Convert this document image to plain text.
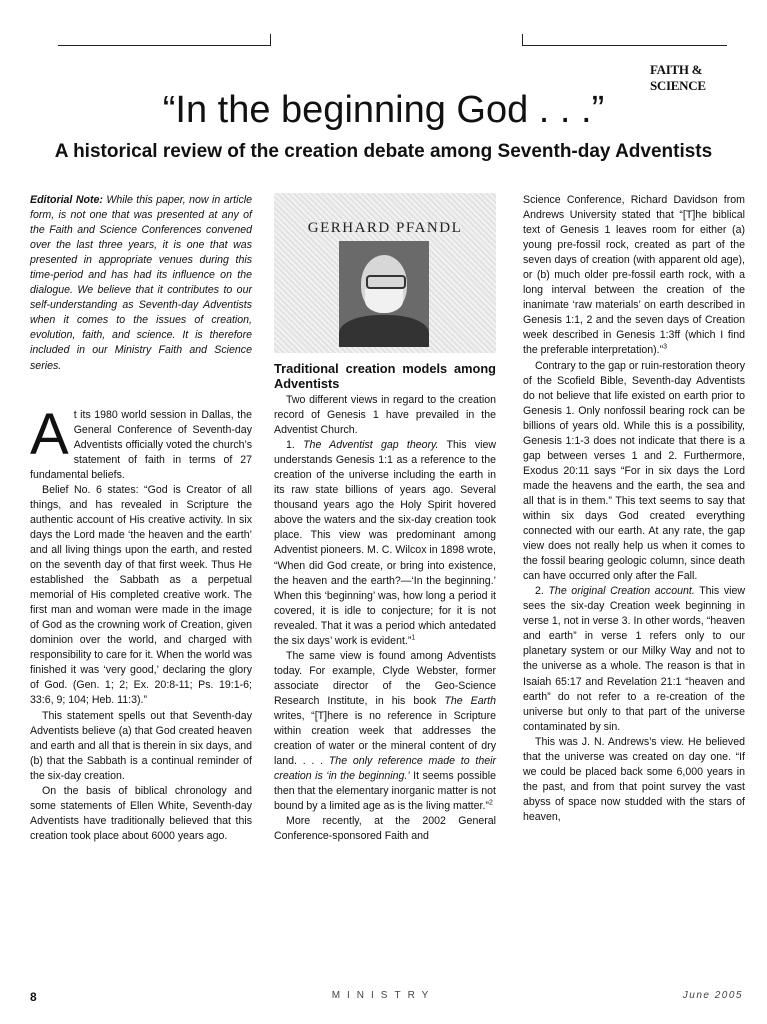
FAITH & SCIENCE
“In the beginning God . . .”
A historical review of the creation debate among Seventh-day Adventists

Editorial Note: While this paper, now in article form, is not one that was presented at any of the Faith and Science Conferences convened over the last three years, it is one that was presented in appropriate venues during this time-period and has had its influence on the dialogue. We believe that it contributes to our self-understanding as Seventh-day Adventists when it comes to the issues of creation, evolution, faith, and science. It is therefore included in our Ministry Faith and Science series.

At its 1980 world session in Dallas, the General Conference of Seventh-day Adventists officially voted the church’s statement of faith in terms of 27 fundamental beliefs.

Belief No. 6 states: “God is Creator of all things, and has revealed in Scripture the authentic account of His creative activity. In six days the Lord made ‘the heaven and the earth’ and all living things upon the earth, and rested on the seventh day of that first week. Thus He established the Sabbath as a perpetual memorial of His completed creative work. The first man and woman were made in the image of God as the crowning work of Creation, given dominion over the world, and charged with responsibility to care for it. When the world was finished it was ‘very good,’ declaring the glory of God. (Gen. 1; 2; Ex. 20:8-11; Ps. 19:1-6; 33:6, 9; 104; Heb. 11:3).”

This statement spells out that Seventh-day Adventists believe (a) that God created heaven and earth and all that is therein in six days, and (b) that the Sabbath is a continual reminder of the six-day creation.

On the basis of biblical chronology and some statements of Ellen White, Seventh-day Adventists have traditionally believed that this creation took place about 6000 years ago.

GERHARD PFANDL
Traditional creation models among Adventists

Two different views in regard to the creation record of Genesis 1 have prevailed in the Adventist Church.

1. The Adventist gap theory. This view understands Genesis 1:1 as a reference to the creation of the universe including the earth in its raw state billions of years ago. Several thousand years ago the Holy Spirit hovered above the waters and the six-day creation took place. This view was predominant among Adventist pioneers. M. C. Wilcox in 1898 wrote, “When did God create, or bring into existence, the heaven and the earth?—‘In the beginning.’ When this ‘beginning’ was, how long a period it covered, it is idle to conjecture; for it is not revealed. That it was a period which antedated the six days’ work is evident.”$^1$

The same view is found among Adventists today. For example, Clyde Webster, former associate director of the Geo-Science Research Institute, in his book The Earth writes, “[T]here is no reference in Scripture within creation week that addresses the creation of water or the mineral content of dry land. . . . The only reference made to their creation is ‘in the beginning.’ It seems possible then that the elementary inorganic matter is not bound by a limited age as is the living matter.”$^2$

More recently, at the 2002 General Conference-sponsored Faith and

Science Conference, Richard Davidson from Andrews University stated that “[T]he biblical text of Genesis 1 leaves room for either (a) young pre-fossil rock, created as part of the seven days of creation (with apparent old age), or (b) much older pre-fossil earth rock, with a long interval between the creation of the inanimate ‘raw materials’ on earth described in Genesis 1:1, 2 and the seven days of Creation week described in Genesis 1:3ff (which I find the preferable interpretation).”$^3$

Contrary to the gap or ruin-restoration theory of the Scofield Bible, Seventh-day Adventists do not believe that life existed on earth prior to Genesis 1. Only nonfossil bearing rock can be billions of years old. While this is a possibility, Genesis 1:1-3 does not indicate that there is a gap between verses 1 and 2. Furthermore, Exodus 20:11 says “For in six days the Lord made the heavens and the earth, the sea and all that is in them.” This text seems to say that within six days God created everything connected with our earth. At any rate, the gap view does not really help us when it comes to the fossil bearing geologic column, since death can have occurred only after the Fall.

2. The original Creation account. This view sees the six-day Creation week beginning in verse 1, not in verse 3. In other words, “heaven and earth” in verse 1 refers only to our planetary system or our Milky Way and not to the universe as a whole. The reason is that in Isaiah 65:17 and Revelation 21:1 “heaven and earth” do not refer to a re-creation of the universe but only to that part of the universe contaminated by sin.

This was J. N. Andrews’s view. He believed that the universe was created on day one. “If we could be placed back some 6,000 years in the past, and from that point survey the vast abyss of space now studded with the stars of heaven,

8	MINISTRY	June 2005
